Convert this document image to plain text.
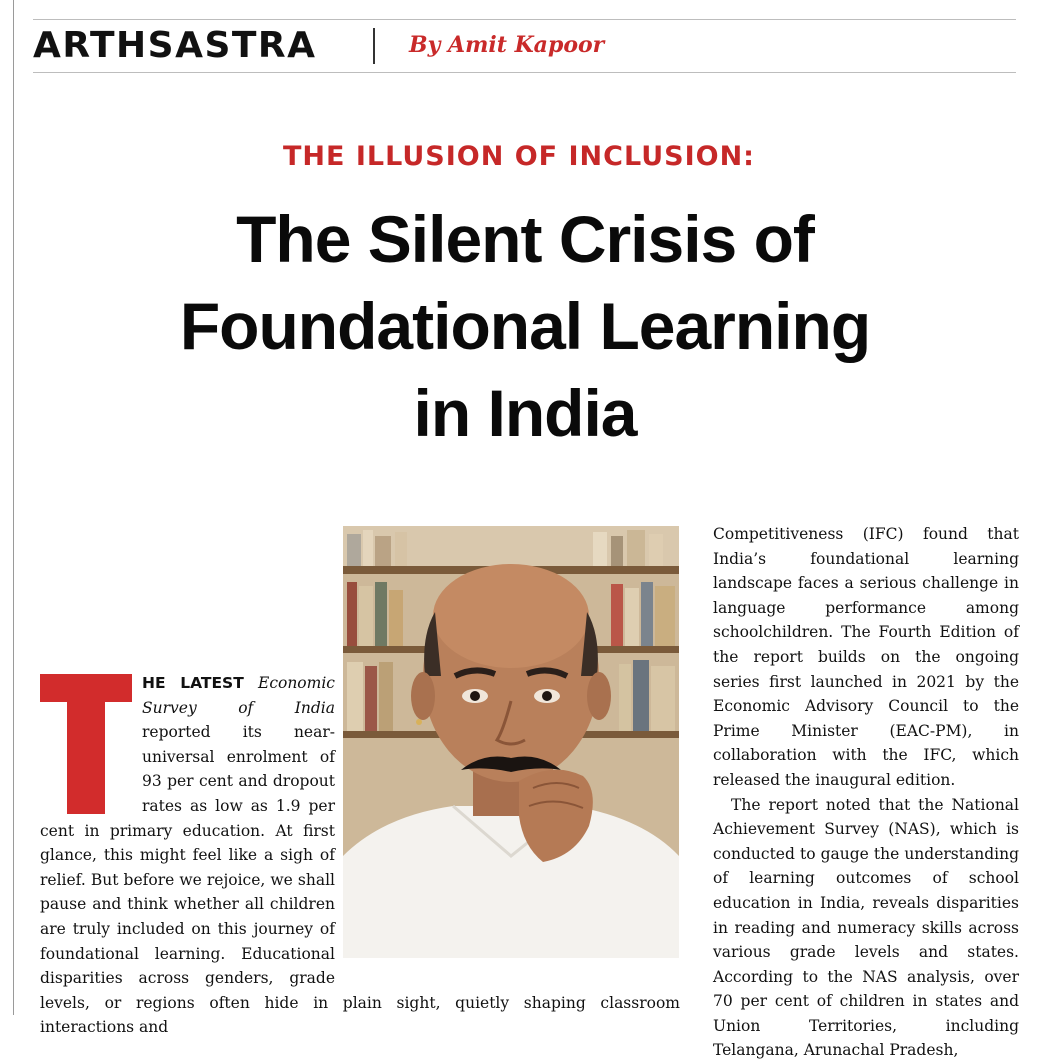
ARTHSASTRA	By Amit Kapoor
THE ILLUSION OF INCLUSION:
The Silent Crisis of
Foundational Learning
in India

HE LATEST Economic Survey of India reported its near-universal enrolment of 93 per cent and dropout rates as low as 1.9 per cent in primary education. At first glance, this might feel like a sigh of relief. But before we rejoice, we shall pause and think whether all children are truly included on this journey of foundational learning. Educational disparities across genders, grade levels, or regions often hide in plain sight, quietly shaping classroom interactions and

Competitiveness (IFC) found that India’s foundational learning landscape faces a serious challenge in language performance among schoolchildren. The Fourth Edition of the report builds on the ongoing series first launched in 2021 by the Economic Advisory Council to the Prime Minister (EAC-PM), in collaboration with the IFC, which released the inaugural edition.

The report noted that the National Achievement Survey (NAS), which is conducted to gauge the understanding of learning outcomes of school education in India, reveals disparities in reading and numeracy skills across various grade levels and states. According to the NAS analysis, over 70 per cent of children in states and Union Territories, including Telangana, Arunachal Pradesh,
